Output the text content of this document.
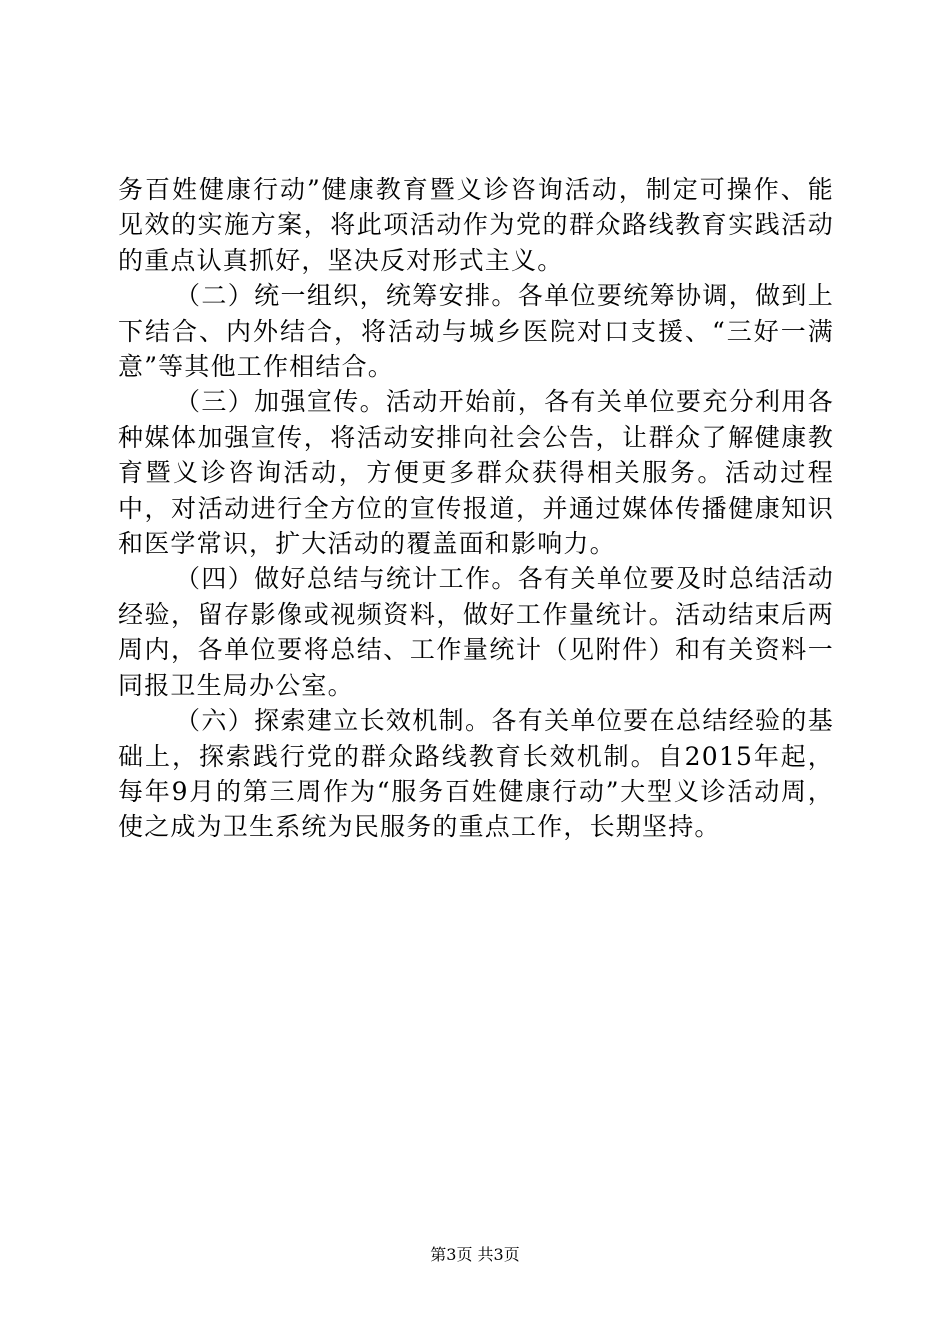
务百姓健康行动”健康教育暨义诊咨询活动，制定可操作、能见效的实施方案，将此项活动作为党的群众路线教育实践活动的重点认真抓好，坚决反对形式主义。

（二）统一组织，统筹安排。各单位要统筹协调，做到上下结合、内外结合，将活动与城乡医院对口支援、“三好一满意”等其他工作相结合。

（三）加强宣传。活动开始前，各有关单位要充分利用各种媒体加强宣传，将活动安排向社会公告，让群众了解健康教育暨义诊咨询活动，方便更多群众获得相关服务。活动过程中，对活动进行全方位的宣传报道，并通过媒体传播健康知识和医学常识，扩大活动的覆盖面和影响力。

（四）做好总结与统计工作。各有关单位要及时总结活动经验，留存影像或视频资料，做好工作量统计。活动结束后两周内，各单位要将总结、工作量统计（见附件）和有关资料一同报卫生局办公室。

（六）探索建立长效机制。各有关单位要在总结经验的基础上，探索践行党的群众路线教育长效机制。自2015年起，每年9月的第三周作为“服务百姓健康行动”大型义诊活动周，使之成为卫生系统为民服务的重点工作，长期坚持。

第3页 共3页
